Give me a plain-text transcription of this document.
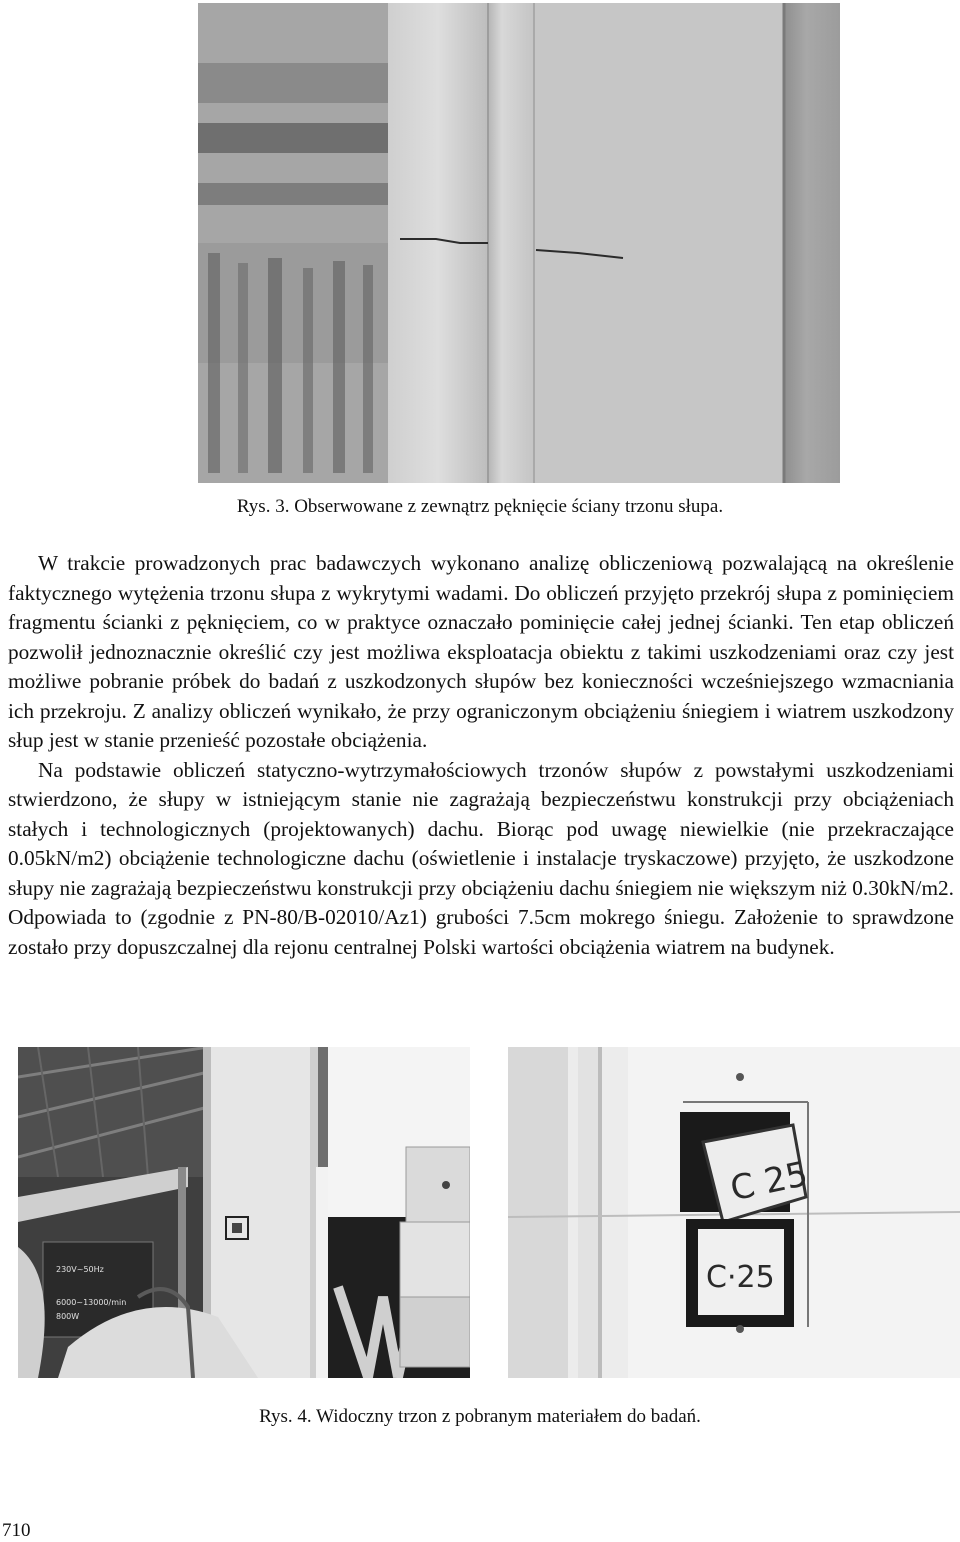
Rys. 3. Obserwowane z zewnątrz pęknięcie ściany trzonu słupa.

W trakcie prowadzonych prac badawczych wykonano analizę obliczeniową pozwalającą na określenie faktycznego wytężenia trzonu słupa z wykrytymi wadami. Do obliczeń przyjęto przekrój słupa z pominięciem fragmentu ścianki z pęknięciem, co w praktyce oznaczało pominięcie całej jednej ścianki. Ten etap obliczeń pozwolił jednoznacznie określić czy jest możliwa eksploatacja obiektu z takimi uszkodzeniami oraz czy jest możliwe pobranie próbek do badań z uszkodzonych słupów bez konieczności wcześniejszego wzmacniania ich przekroju. Z analizy obliczeń wynikało, że przy ograniczonym obciążeniu śniegiem i wiatrem uszkodzony słup jest w stanie przenieść pozostałe obciążenia.

Na podstawie obliczeń statyczno-wytrzymałościowych trzonów słupów z powstałymi uszkodzeniami stwierdzono, że słupy w istniejącym stanie nie zagrażają bezpieczeństwu konstrukcji przy obciążeniach stałych i technologicznych (projektowanych) dachu. Biorąc pod uwagę niewielkie (nie przekraczające 0.05kN/m2) obciążenie technologiczne dachu (oświetlenie i instalacje tryskaczowe) przyjęto, że uszkodzone słupy nie zagrażają bezpieczeństwu konstrukcji przy obciążeniu dachu śniegiem nie większym niż 0.30kN/m2. Odpowiada to (zgodnie z PN-80/B-02010/Az1) grubości 7.5cm mokrego śniegu. Założenie to sprawdzone zostało przy dopuszczalnej dla rejonu centralnej Polski wartości obciążenia wiatrem na budynek.

230V~50Hz
6000~13000/min
800W
C 25
C·25
Rys. 4. Widoczny trzon z pobranym materiałem do badań.
710
